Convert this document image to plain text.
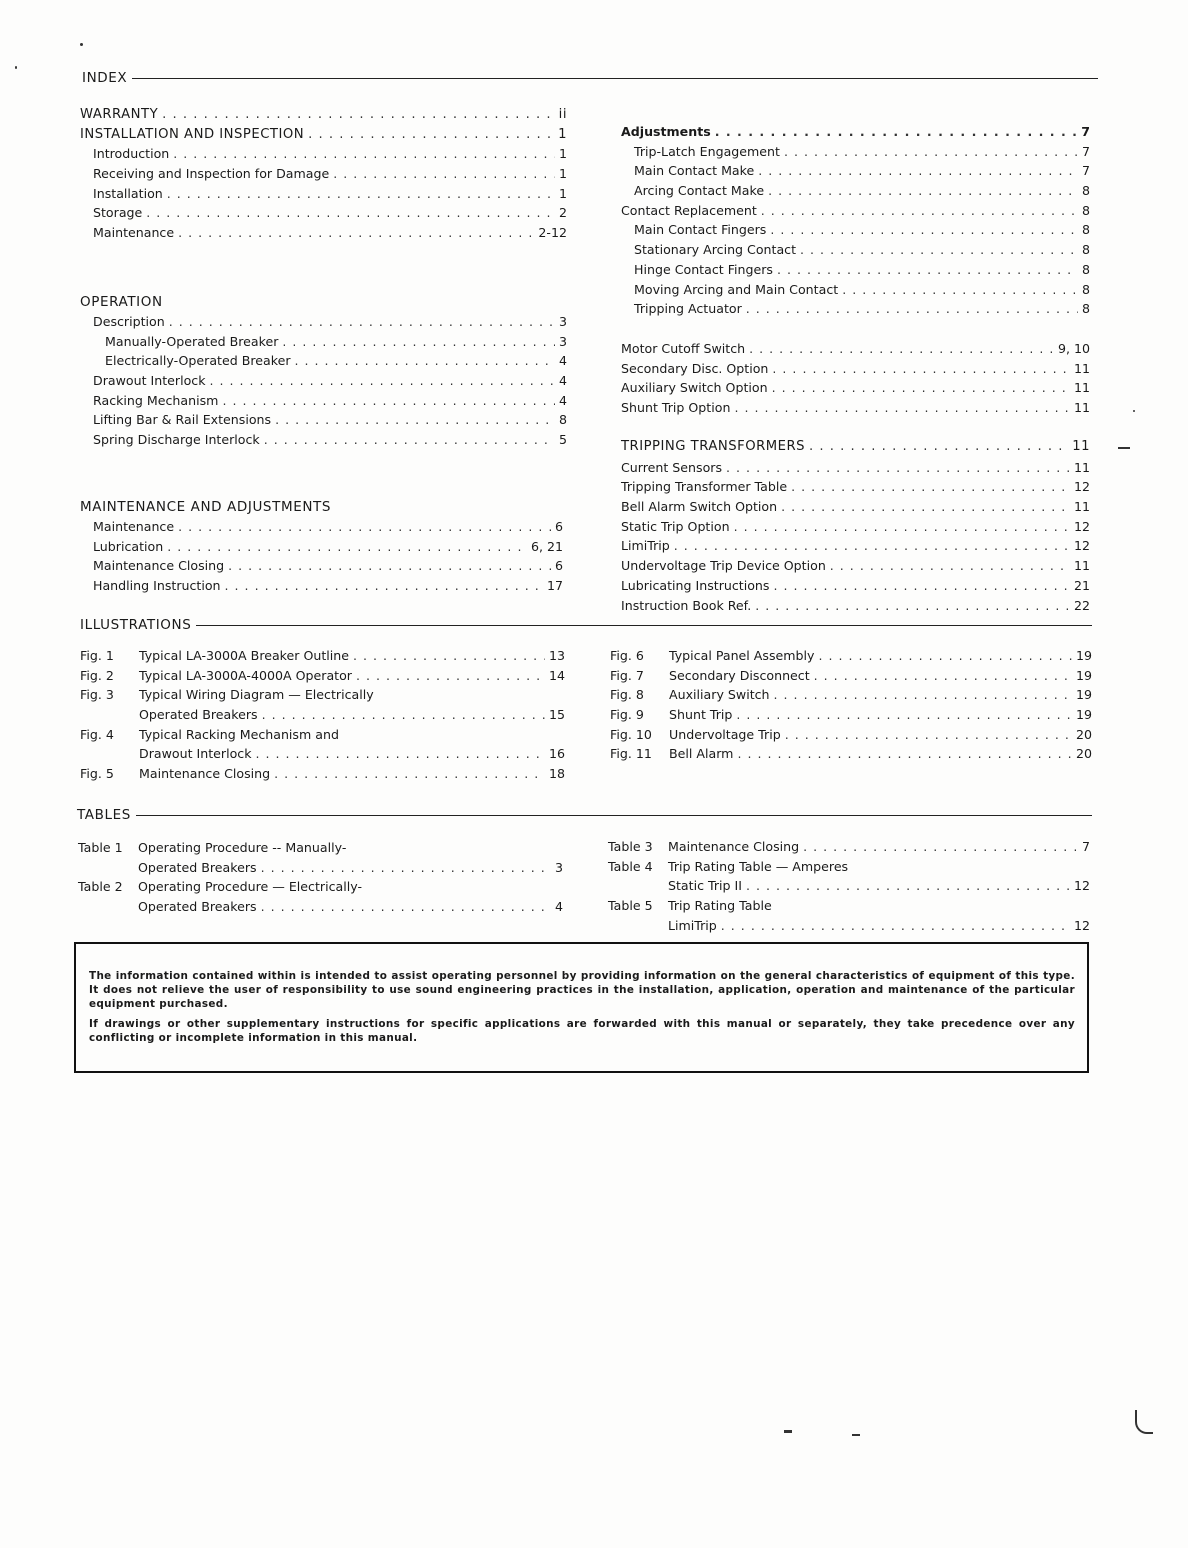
INDEX
WARRANTY . . .	ii
INSTALLATION AND INSPECTION . . .	1
Introduction . . .	1
Receiving and Inspection for Damage . . .	1
Installation . . .	1
Storage . . .	2
Maintenance . . .	2-12
OPERATION
Description . . .	3
Manually-Operated Breaker . . .	3
Electrically-Operated Breaker . . .	4
Drawout Interlock . . .	4
Racking Mechanism . . .	4
Lifting Bar & Rail Extensions . . .	8
Spring Discharge Interlock . . .	5
MAINTENANCE AND ADJUSTMENTS
Maintenance . . .	6
Lubrication . . .	6, 21
Maintenance Closing . . .	6
Handling Instruction . . .	17
Adjustments . . .	7
Trip-Latch Engagement . . .	7
Main Contact Make . . .	7
Arcing Contact Make . . .	8
Contact Replacement . . .	8
Main Contact Fingers . . .	8
Stationary Arcing Contact . . .	8
Hinge Contact Fingers . . .	8
Moving Arcing and Main Contact . . .	8
Tripping Actuator . . .	8
Motor Cutoff Switch . . .	9, 10
Secondary Disc. Option . . .	11
Auxiliary Switch Option . . .	11
Shunt Trip Option . . .	11
TRIPPING TRANSFORMERS . . .	11
Current Sensors . . .	11
Tripping Transformer Table . . .	12
Bell Alarm Switch Option . . .	11
Static Trip Option . . .	12
LimiTrip . . .	12
Undervoltage Trip Device Option . . .	11
Lubricating Instructions . . .	21
Instruction Book Ref. . . .	22
ILLUSTRATIONS
Fig. 1	Typical LA-3000A Breaker Outline . . .	13
Fig. 2	Typical LA-3000A-4000A Operator . . .	14
Fig. 3	Typical Wiring Diagram — Electrically
Operated Breakers . . .	15
Fig. 4	Typical Racking Mechanism and
Drawout Interlock . . .	16
Fig. 5	Maintenance Closing . . .	18
Fig. 6	Typical Panel Assembly . . .	19
Fig. 7	Secondary Disconnect . . .	19
Fig. 8	Auxiliary Switch . . .	19
Fig. 9	Shunt Trip . . .	19
Fig. 10	Undervoltage Trip . . .	20
Fig. 11	Bell Alarm . . .	20
TABLES
Table 1	Operating Procedure -- Manually-
Operated Breakers . . .	3
Table 2	Operating Procedure — Electrically-
Operated Breakers . . .	4
Table 3	Maintenance Closing . . .	7
Table 4	Trip Rating Table — Amperes
Static Trip II . . .	12
Table 5	Trip Rating Table
LimiTrip . . .	12

The information contained within is intended to assist operating personnel by providing information on the general characteristics of equipment of this type. It does not relieve the user of responsibility to use sound engineering practices in the installation, application, operation and maintenance of the particular equipment purchased.

If drawings or other supplementary instructions for specific applications are forwarded with this manual or separately, they take precedence over any conflicting or incomplete information in this manual.
